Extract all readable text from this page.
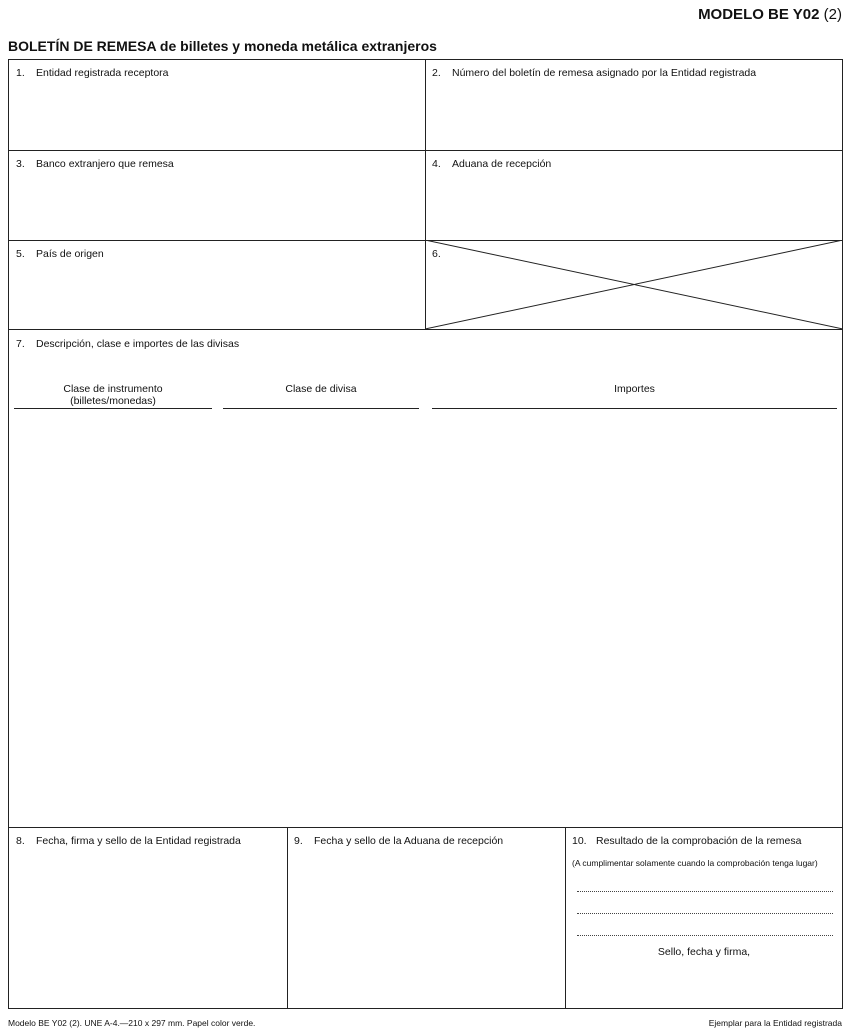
MODELO BE Y02 (2)
BOLETÍN DE REMESA de billetes y moneda metálica extranjeros
1. Entidad registrada receptora	2. Número del boletín de remesa asignado por la Entidad registrada
3. Banco extranjero que remesa	4. Aduana de recepción
5. País de origen	6.
7. Descripción, clase e importes de las divisas
Clase de instrumento
(billetes/monedas)
Clase de divisa	Importes
8. Fecha, firma y sello de la Entidad registrada	9. Fecha y sello de la Aduana de recepción	10. Resultado de la comprobación de la remesa
(A cumplimentar solamente cuando la comprobación tenga lugar)
Sello, fecha y firma,
Modelo BE Y02 (2). UNE A-4.—210 x 297 mm. Papel color verde.	Ejemplar para la Entidad registrada
